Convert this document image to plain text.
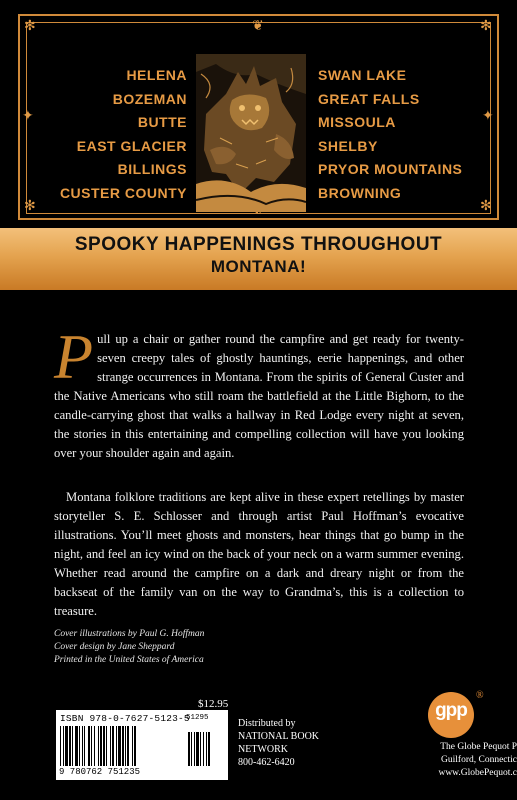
✻	✻
✻	✻
❦
✦	✦
HELENA
BOZEMAN
BUTTE
EAST GLACIER
BILLINGS
CUSTER COUNTY
SWAN LAKE
GREAT FALLS
MISSOULA
SHELBY
PRYOR MOUNTAINS
BROWNING
SPOOKY HAPPENINGS THROUGHOUT
MONTANA!
Pull up a chair or gather round the campfire and get ready for twenty-seven creepy tales of ghostly hauntings, eerie happenings, and other strange occurrences in Montana. From the spirits of General Custer and the Native Americans who still roam the battlefield at the Little Bighorn, to the candle-carrying ghost that walks a hallway in Red Lodge every night at seven, the stories in this entertaining and compelling collection will have you looking over your shoulder again and again.
Montana folklore traditions are kept alive in these expert retellings by master storyteller S. E. Schlosser and through artist Paul Hoffman’s evocative illustrations. You’ll meet ghosts and monsters, hear things that go bump in the night, and feel an icy wind on the back of your neck on a warm summer evening. Whether read around the campfire on a dark and dreary night or from the backseat of the family van on the way to Grandma’s, this is a collection to treasure.
Cover illustrations by Paul G. Hoffman
Cover design by Jane Sheppard
Printed in the United States of America
$12.95
ISBN 978-0-7627-5123-5
9 780762 751235
51295	Distributed by
NATIONAL BOOK
NETWORK
800-462-6420
gpp
®
The Globe Pequot P
Guilford, Connectic
www.GlobePequot.c
